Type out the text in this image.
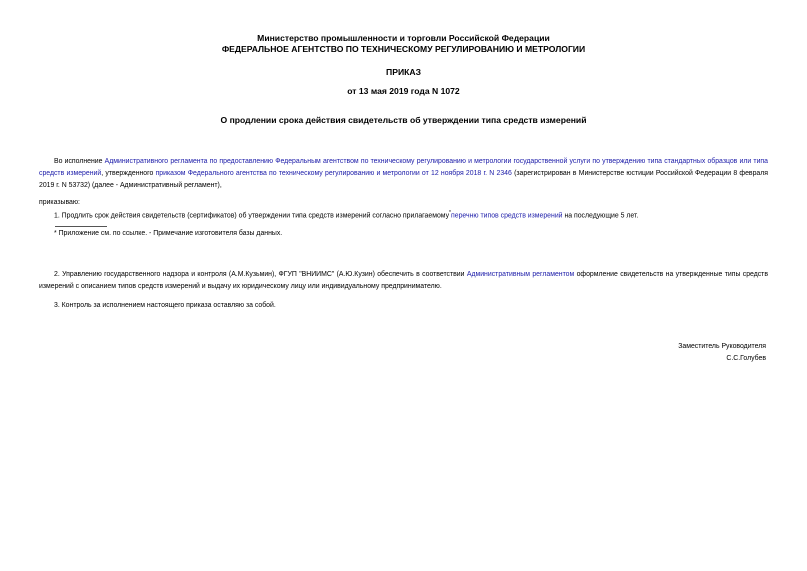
Министерство промышленности и торговли Российской Федерации
ФЕДЕРАЛЬНОЕ АГЕНТСТВО ПО ТЕХНИЧЕСКОМУ РЕГУЛИРОВАНИЮ И МЕТРОЛОГИИ
ПРИКАЗ
от 13 мая 2019 года N 1072
О продлении срока действия свидетельств об утверждении типа средств измерений
Во исполнение Административного регламента по предоставлению Федеральным агентством по техническому регулированию и метрологии государственной услуги по утверждению типа стандартных образцов или типа средств измерений, утвержденного приказом Федерального агентства по техническому регулированию и метрологии от 12 ноября 2018 г. N 2346 (зарегистрирован в Министерстве юстиции Российской Федерации 8 февраля 2019 г. N 53732) (далее - Административный регламент),
приказываю:
1. Продлить срок действия свидетельств (сертификатов) об утверждении типа средств измерений согласно прилагаемому*перечню типов средств измерений на последующие 5 лет.
* Приложение см. по ссылке. - Примечание изготовителя базы данных.
2. Управлению государственного надзора и контроля (А.М.Кузьмин), ФГУП "ВНИИМС" (А.Ю.Кузин) обеспечить в соответствии Административным регламентом оформление свидетельств на утвержденные типы средств измерений с описанием типов средств измерений и выдачу их юридическому лицу или индивидуальному предпринимателю.
3. Контроль за исполнением настоящего приказа оставляю за собой.
Заместитель Руководителя
С.С.Голубев
